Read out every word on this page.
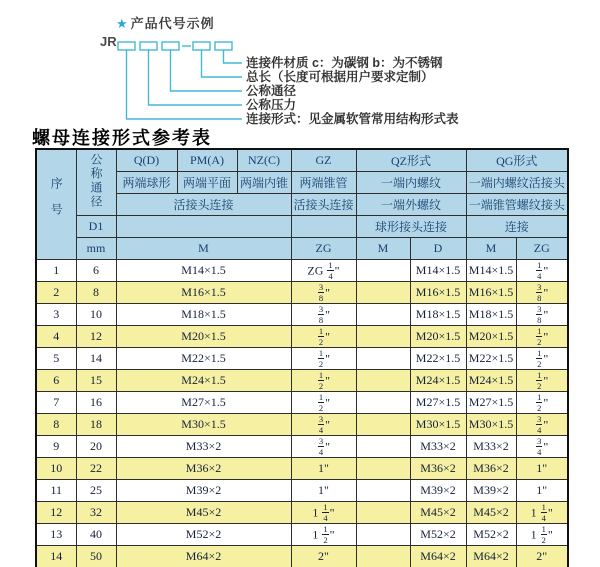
★ 产品代号示例
JR
连接件材质 c：为碳钢 b：为不锈钢
总长（长度可根据用户要求定制）
公称通径
公称压力
连接形式：见金属软管常用结构形式表
螺母连接形式参考表
序号	公称通径	Q(D)	PM(A)	NZ(C)	GZ	QZ形式		QG形式	
		两端球形	两端平面	两端内锥	两端锥管	一端内螺纹		一端内螺纹活接头	
		活接头连接			活接头连接	一端外螺纹		一端锥管螺纹接头	
	D1					球形接头连接		连接	
	mm	M			ZG	M	D	M	ZG
1	6	M14×1.5			ZG $\frac{1}{4}$ "		M14×1.5	M14×1.5	$\frac{1}{4}$ "
2	8	M16×1.5			$\frac{3}{8}$ "		M16×1.5	M16×1.5	$\frac{3}{8}$ "
3	10	M18×1.5			$\frac{3}{8}$ "		M18×1.5	M18×1.5	$\frac{3}{8}$ "
4	12	M20×1.5			$\frac{1}{2}$ "		M20×1.5	M20×1.5	$\frac{1}{2}$ "
5	14	M22×1.5			$\frac{1}{2}$ "		M22×1.5	M22×1.5	$\frac{1}{2}$ "
6	15	M24×1.5			$\frac{1}{2}$ "		M24×1.5	M24×1.5	$\frac{1}{2}$ "
7	16	M27×1.5			$\frac{1}{2}$ "		M27×1.5	M27×1.5	$\frac{1}{2}$ "
8	18	M30×1.5			$\frac{3}{4}$ "		M30×1.5	M30×1.5	$\frac{3}{4}$ "
9	20	M33×2			$\frac{3}{4}$ "		M33×2	M33×2	$\frac{3}{4}$ "
10	22	M36×2			1"		M36×2	M36×2	1"
11	25	M39×2			1"		M39×2	M39×2	1"
12	32	M45×2			$1 \frac{1}{4}$ "		M45×2	M45×2	$1 \frac{1}{4}$ "
13	40	M52×2			$1 \frac{1}{2}$ "		M52×2	M52×2	$1 \frac{1}{2}$ "
14	50	M64×2			2"		M64×2	M64×2	2"
